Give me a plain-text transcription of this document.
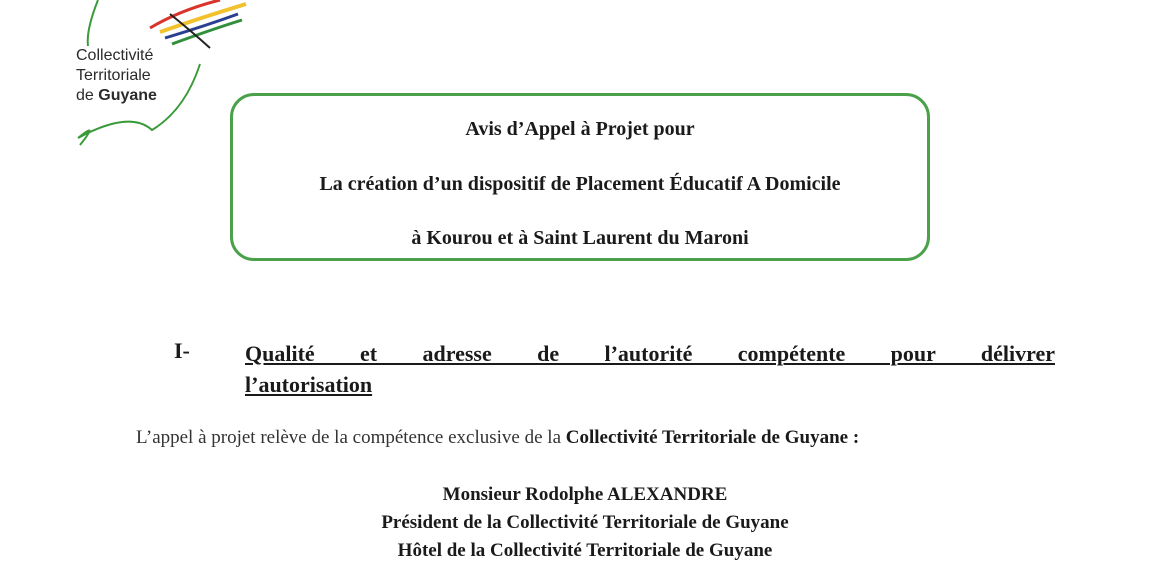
Collectivité
Territoriale
de Guyane
Avis d’Appel à Projet pour
La création d’un dispositif de Placement Éducatif A Domicile
à Kourou et à Saint Laurent du Maroni
I-	Qualité et adresse de l’autorité compétente pour délivrer
l’autorisation
L’appel à projet relève de la compétence exclusive de la Collectivité Territoriale de Guyane :
Monsieur Rodolphe ALEXANDRE
Président de la Collectivité Territoriale de Guyane
Hôtel de la Collectivité Territoriale de Guyane
